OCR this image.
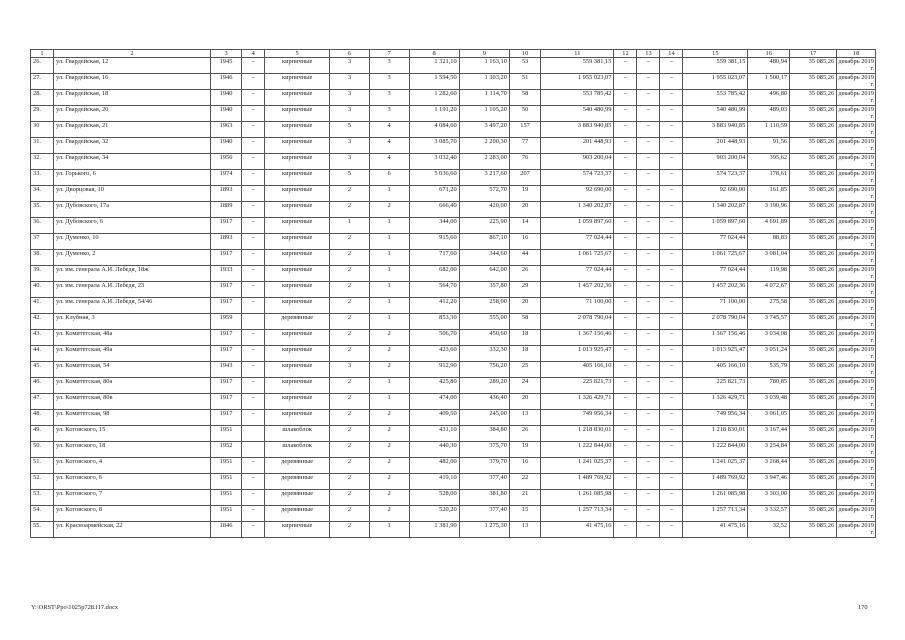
1	2	3	4	5	6	7	8	9	10	11	12	13	14	15	16	17	18
26.	ул. Гвардейская, 12	1945	–	кирпичные	3	3	1 321,10	1 163,10	53	559 381,15	–	–	–	559 381,15	480,94	35 085,26	декабрь 2019 г.
27.	ул. Гвардейская, 16	1946	–	кирпичные	3	3	1 594,50	1 303,20	51	1 955 023,07	–	–	–	1 955 023,07	1 500,17	35 085,26	декабрь 2019 г.
28.	ул. Гвардейская, 18	1940	–	кирпичные	3	3	1 282,60	1 114,70	58	553 785,42	–	–	–	553 785,42	496,80	35 085,26	декабрь 2019 г.
29.	ул. Гвардейская, 20	1940	–	кирпичные	3	3	1 191,20	1 105,20	50	540 480,99	–	–	–	540 480,99	489,03	35 085,26	декабрь 2019 г.
30	ул. Гвардейская, 21	1963	–	кирпичные	5	4	4 084,60	3 497,20	157	3 883 940,85	–	–	–	3 883 940,85	1 110,59	35 085,26	декабрь 2019 г.
31.	ул. Гвардейская, 32	1940	–	кирпичные	3	4	3 085,70	2 200,30	77	201 448,93	–	–	–	201 448,93	91,56	35 085,26	декабрь 2019 г.
32.	ул. Гвардейская, 34	1950	–	кирпичные	3	4	3 032,40	2 283,00	76	903 200,04	–	–	–	903 200,04	395,62	35 085,26	декабрь 2019 г.
33.	ул. Горького, 6	1974	–	кирпичные	5	6	5 036,60	3 217,60	207	574 723,37	–	–	–	574 723,37	178,61	35 085,26	декабрь 2019 г.
34.	ул. Дворцовая, 10	1893	–	кирпичные	2	1	671,20	572,70	19	92 690,00	–	–	–	92 690,00	161,85	35 085,26	декабрь 2019 г.
35.	ул. Дубовского, 17а	1889	–	кирпичные	2	2	666,40	420,00	20	1 340 202,87	–	–	–	1 340 202,87	3 190,96	35 085,26	декабрь 2019 г.
36.	ул. Дубовского, 6	1917	–	кирпичные	1	1	344,00	225,90	14	1 059 897,60	–	–	–	1 059 897,60	4 691,89	35 085,26	декабрь 2019 г.
37	ул. Думенко, 10	1893	–	кирпичные	2	1	915,60	867,10	16	77 024,44	–	–	–	77 024,44	88,83	35 085,26	декабрь 2019 г.
38.	ул. Думенко, 2	1917	–	кирпичные	2	1	717,60	344,60	44	1 061 725,67	–	–	–	1 061 725,67	3 081,04	35 085,26	декабрь 2019 г.
39.	ул. им. генерала А.И. Лебедя, 18ж	1933	–	кирпичные	2	1	682,00	642,00	26	77 024,44	–	–	–	77 024,44	119,98	35 085,26	декабрь 2019 г.
40.	ул. им. генерала А.И. Лебедя, 23	1917	–	кирпичные	2	1	564,70	357,80	29	1 457 202,36	–	–	–	1 457 202,36	4 072,67	35 085,26	декабрь 2019 г.
41.	ул. им. генерала А.И. Лебедя, 54/46	1917	–	кирпичные	2	1	412,20	258,00	20	71 100,00	–	–	–	71 100,00	275,58	35 085,26	декабрь 2019 г.
42.	ул. Клубная, 3	1959		деревянные	2	1	853,30	555,00	58	2 078 790,04	–	–	–	2 078 790,04	3 745,57	35 085,26	декабрь 2019 г.
43.	ул. Комитетская, 48а	1917	–	кирпичные	2	2	506,70	450,60	18	1 367 156,46	–	–	–	1 367 156,46	3 034,08	35 085,26	декабрь 2019 г.
44.	ул. Комитетская, 49а	1917	–	кирпичные	2	2	423,60	332,30	18	1 013 925,47	–	–	–	1 013 925,47	3 051,24	35 085,26	декабрь 2019 г.
45.	ул. Комитетская, 54	1943	–	кирпичные	3	2	912,90	756,20	25	405 166,10	–	–	–	405 166,10	535,79	35 085,26	декабрь 2019 г.
46.	ул. Комитетская, 80а	1917	–	кирпичные	2	1	425,80	289,20	24	225 821,73	–	–	–	225 821,73	780,85	35 085,26	декабрь 2019 г.
47.	ул. Комитетская, 80в	1917	–	кирпичные	2	1	474,00	436,40	20	1 326 429,71	–	–	–	1 326 429,71	3 039,48	35 085,26	декабрь 2019 г.
48.	ул. Комитетская, 98	1917	–	кирпичные	2	2	409,50	245,00	13	749 956,34	–	–	–	749 956,34	3 061,05	35 085,26	декабрь 2019 г.
49.	ул. Котовского, 15	1951		шлакоблок	2	2	431,10	384,80	26	1 218 830,01	–	–	–	1 218 830,01	3 167,44	35 085,26	декабрь 2019 г.
50.	ул. Котовского, 18	1952		шлакоблок	2	2	440,30	375,70	19	1 222 844,00	–	–	–	1 222 844,00	3 254,84	35 085,26	декабрь 2019 г.
51.	ул. Котовского, 4	1951	–	деревянные	2	2	482,00	379,70	16	1 241 025,37	–	–	–	1 241 025,37	3 268,44	35 085,26	декабрь 2019 г.
52.	ул. Котовского, 6	1951	–	деревянные	2	2	419,10	377,40	22	1 489 769,92	–	–	–	1 489 769,92	3 947,46	35 085,26	декабрь 2019 г.
53.	ул. Котовского, 7	1951	–	деревянные	2	2	528,00	381,80	21	1 261 085,98	–	–	–	1 261 085,98	3 303,00	35 085,26	декабрь 2019 г.
54.	ул. Котовского, 8	1951	–	деревянные	2	2	520,20	377,40	15	1 257 713,34	–	–	–	1 257 713,34	3 332,57	35 085,26	декабрь 2019 г.
55.	ул. Красноармейская, 22	1846	–	кирпичные	2	1	1 381,90	1 275,30	13	41 475,16	–	–	–	41 475,16	32,52	35 085,26	декабрь 2019 г.
Y:\ORST\Ppo\1025p728.f17.docx	170
